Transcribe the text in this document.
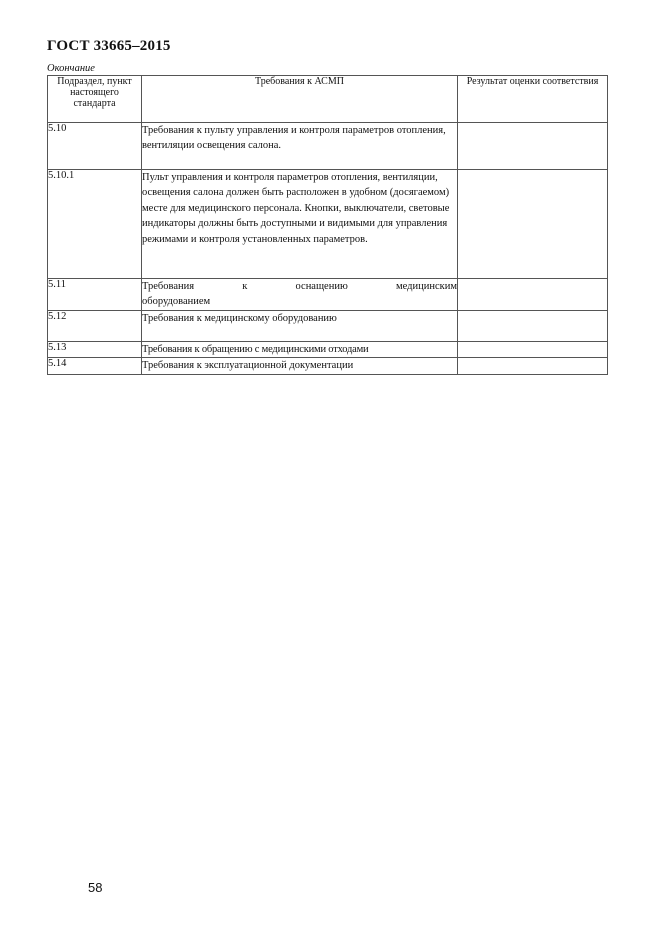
ГОСТ 33665–2015
Окончание
Подраздел, пункт настоящего стандарта	Требования к АСМП	Результат оценки соответствия
5.10	Требования к пульту управления и контроля параметров отопления, вентиляции освещения салона.	
5.10.1	Пульт управления и контроля параметров отопления, вентиляции, освещения салона должен быть расположен в удобном (досягаемом) месте для медицинского персонала. Кнопки, выключатели, световые индикаторы должны быть доступными и видимыми для управления режимами и контроля установленных параметров.	
5.11	Требования к оснащению медицинским оборудованием	
5.12	Требования к медицинскому оборудованию	
5.13	Требования к обращению с медицинскими отходами	
5.14	Требования к эксплуатационной документации	
58
